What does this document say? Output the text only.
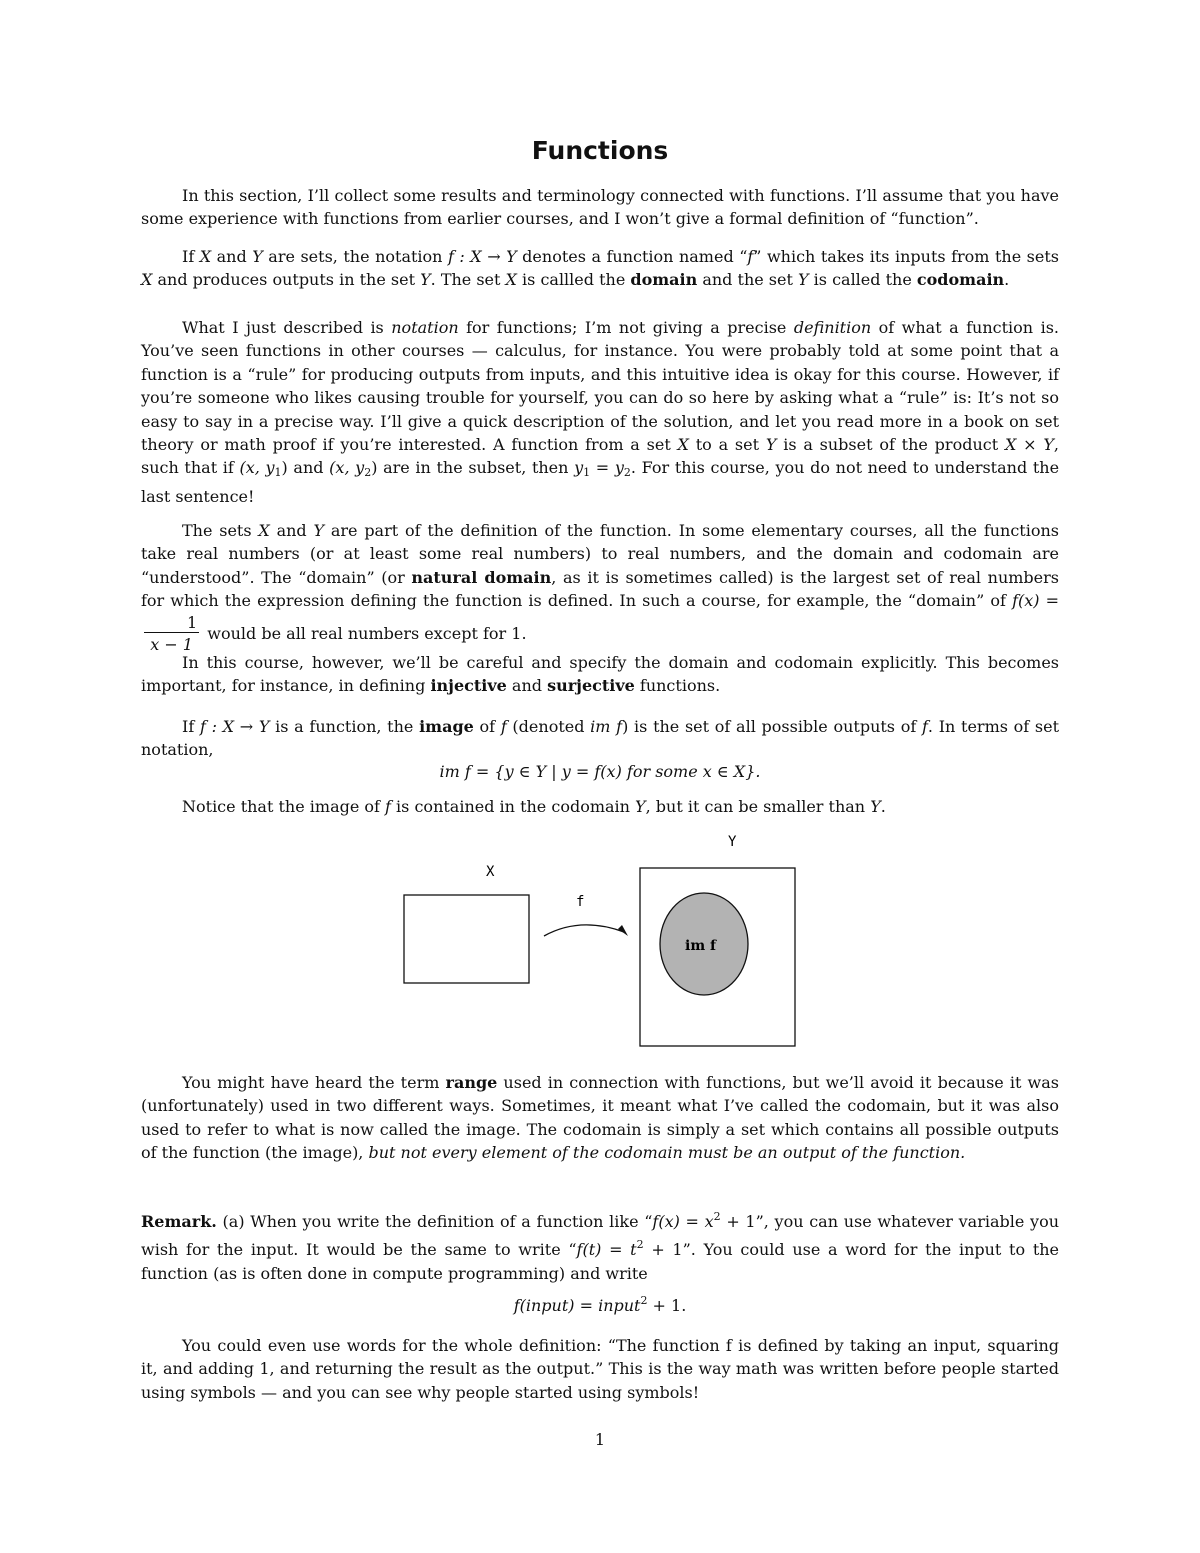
Functions

In this section, I’ll collect some results and terminology connected with functions. I’ll assume that you have some experience with functions from earlier courses, and I won’t give a formal definition of “function”.

If X and Y are sets, the notation f : X → Y denotes a function named “f” which takes its inputs from the sets X and produces outputs in the set Y. The set X is callled the domain and the set Y is called the codomain.

What I just described is notation for functions; I’m not giving a precise definition of what a function is. You’ve seen functions in other courses — calculus, for instance. You were probably told at some point that a function is a “rule” for producing outputs from inputs, and this intuitive idea is okay for this course. However, if you’re someone who likes causing trouble for yourself, you can do so here by asking what a “rule” is: It’s not so easy to say in a precise way. I’ll give a quick description of the solution, and let you read more in a book on set theory or math proof if you’re interested. A function from a set X to a set Y is a subset of the product X × Y, such that if (x, $y_1$) and (x, $y_2$) are in the subset, then $y_1 = y_2$. For this course, you do not need to understand the last sentence!

The sets X and Y are part of the definition of the function. In some elementary courses, all the functions take real numbers (or at least some real numbers) to real numbers, and the domain and codomain are “understood”. The “domain” (or natural domain, as it is sometimes called) is the largest set of real numbers for which the expression defining the function is defined. In such a course, for example, the “domain” of f(x) =
$\frac{1}{x - 1}$ would be all real numbers except for 1.

In this course, however, we’ll be careful and specify the domain and codomain explicitly. This becomes important, for instance, in defining injective and surjective functions.

If f : X → Y is a function, the image of f (denoted im f) is the set of all possible outputs of f. In terms of set notation,

im f = {y ∈ Y | y = f(x) for some x ∈ X}.

Notice that the image of f is contained in the codomain Y, but it can be smaller than Y.

X
f
Y
im f

You might have heard the term range used in connection with functions, but we’ll avoid it because it was (unfortunately) used in two different ways. Sometimes, it meant what I’ve called the codomain, but it was also used to refer to what is now called the image. The codomain is simply a set which contains all possible outputs of the function (the image), but not every element of the codomain must be an output of the function.

Remark. (a) When you write the definition of a function like “$f(x) = x^2 + 1$”, you can use whatever variable you wish for the input. It would be the same to write “$f(t) = t^2 + 1$”. You could use a word for the input to the function (as is often done in compute programming) and write

f(input) = input$^2$ + 1.

You could even use words for the whole definition: “The function f is defined by taking an input, squaring it, and adding 1, and returning the result as the output.” This is the way math was written before people started using symbols — and you can see why people started using symbols!

1
